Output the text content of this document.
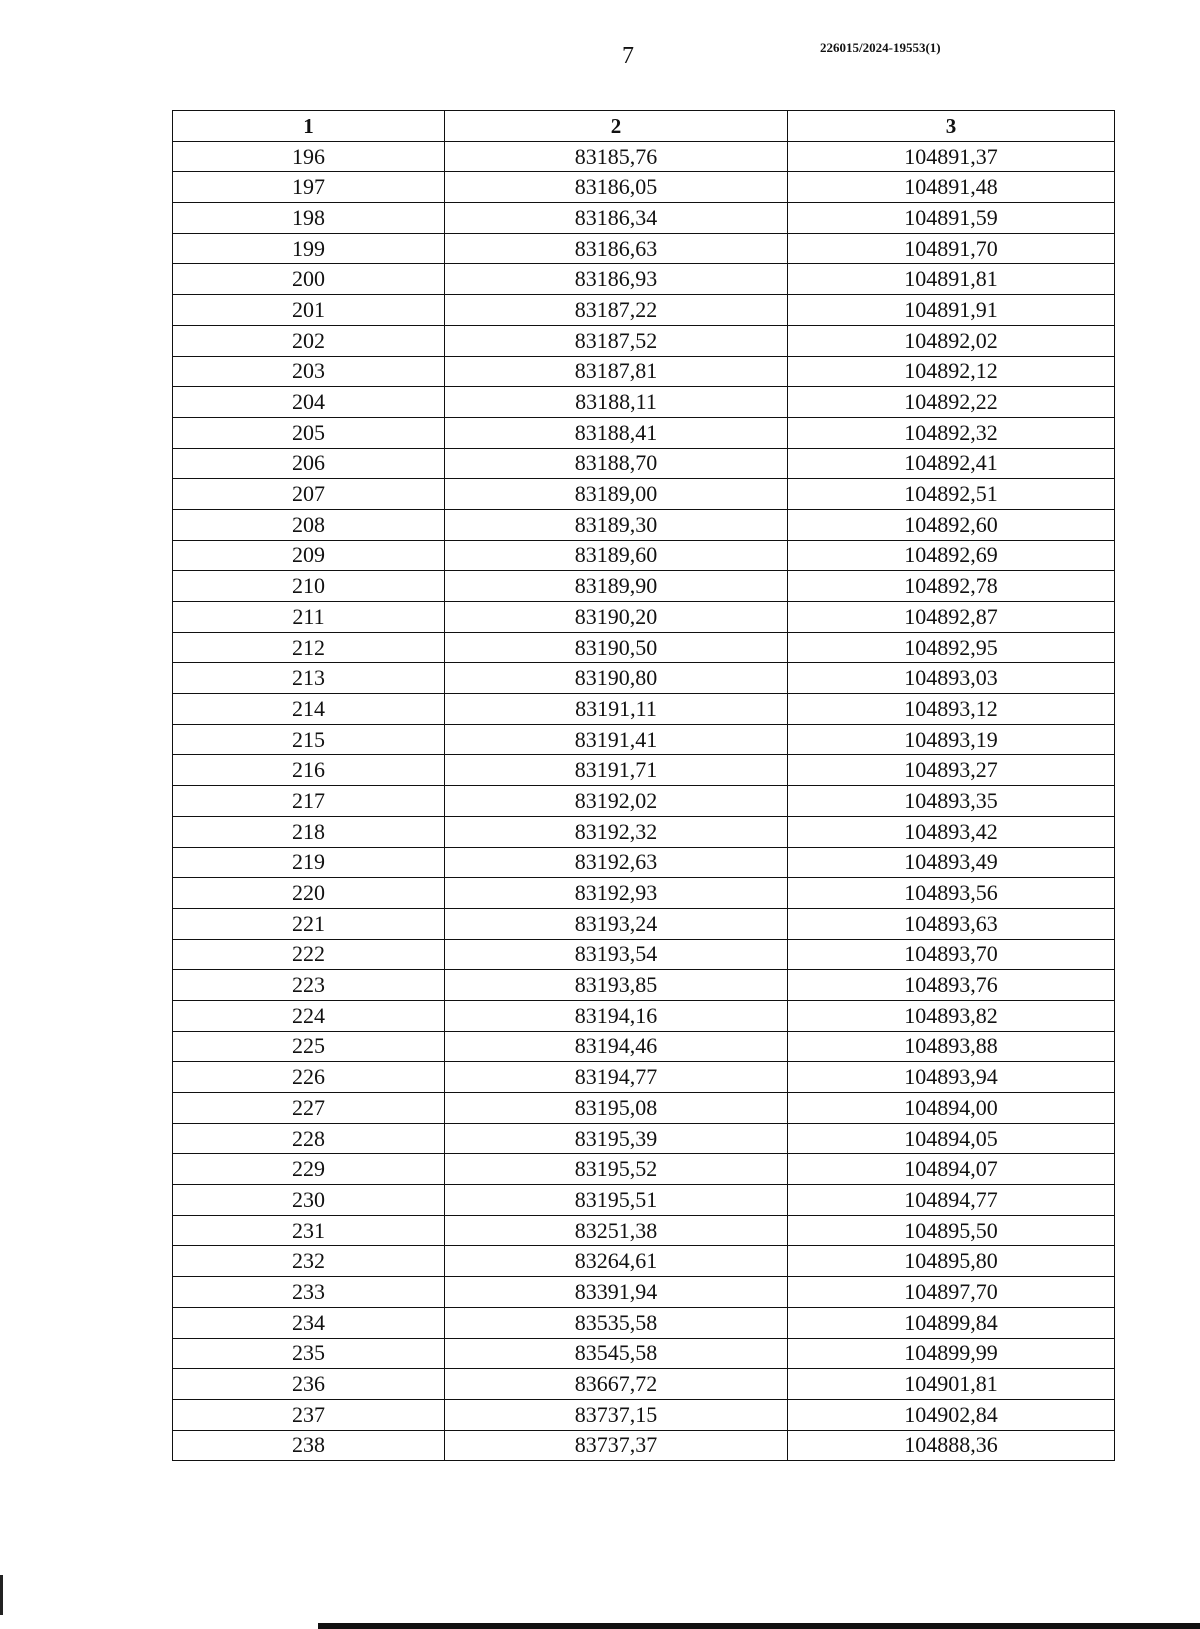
7	226015/2024-19553(1)
1	2	3
196	83185,76	104891,37
197	83186,05	104891,48
198	83186,34	104891,59
199	83186,63	104891,70
200	83186,93	104891,81
201	83187,22	104891,91
202	83187,52	104892,02
203	83187,81	104892,12
204	83188,11	104892,22
205	83188,41	104892,32
206	83188,70	104892,41
207	83189,00	104892,51
208	83189,30	104892,60
209	83189,60	104892,69
210	83189,90	104892,78
211	83190,20	104892,87
212	83190,50	104892,95
213	83190,80	104893,03
214	83191,11	104893,12
215	83191,41	104893,19
216	83191,71	104893,27
217	83192,02	104893,35
218	83192,32	104893,42
219	83192,63	104893,49
220	83192,93	104893,56
221	83193,24	104893,63
222	83193,54	104893,70
223	83193,85	104893,76
224	83194,16	104893,82
225	83194,46	104893,88
226	83194,77	104893,94
227	83195,08	104894,00
228	83195,39	104894,05
229	83195,52	104894,07
230	83195,51	104894,77
231	83251,38	104895,50
232	83264,61	104895,80
233	83391,94	104897,70
234	83535,58	104899,84
235	83545,58	104899,99
236	83667,72	104901,81
237	83737,15	104902,84
238	83737,37	104888,36
